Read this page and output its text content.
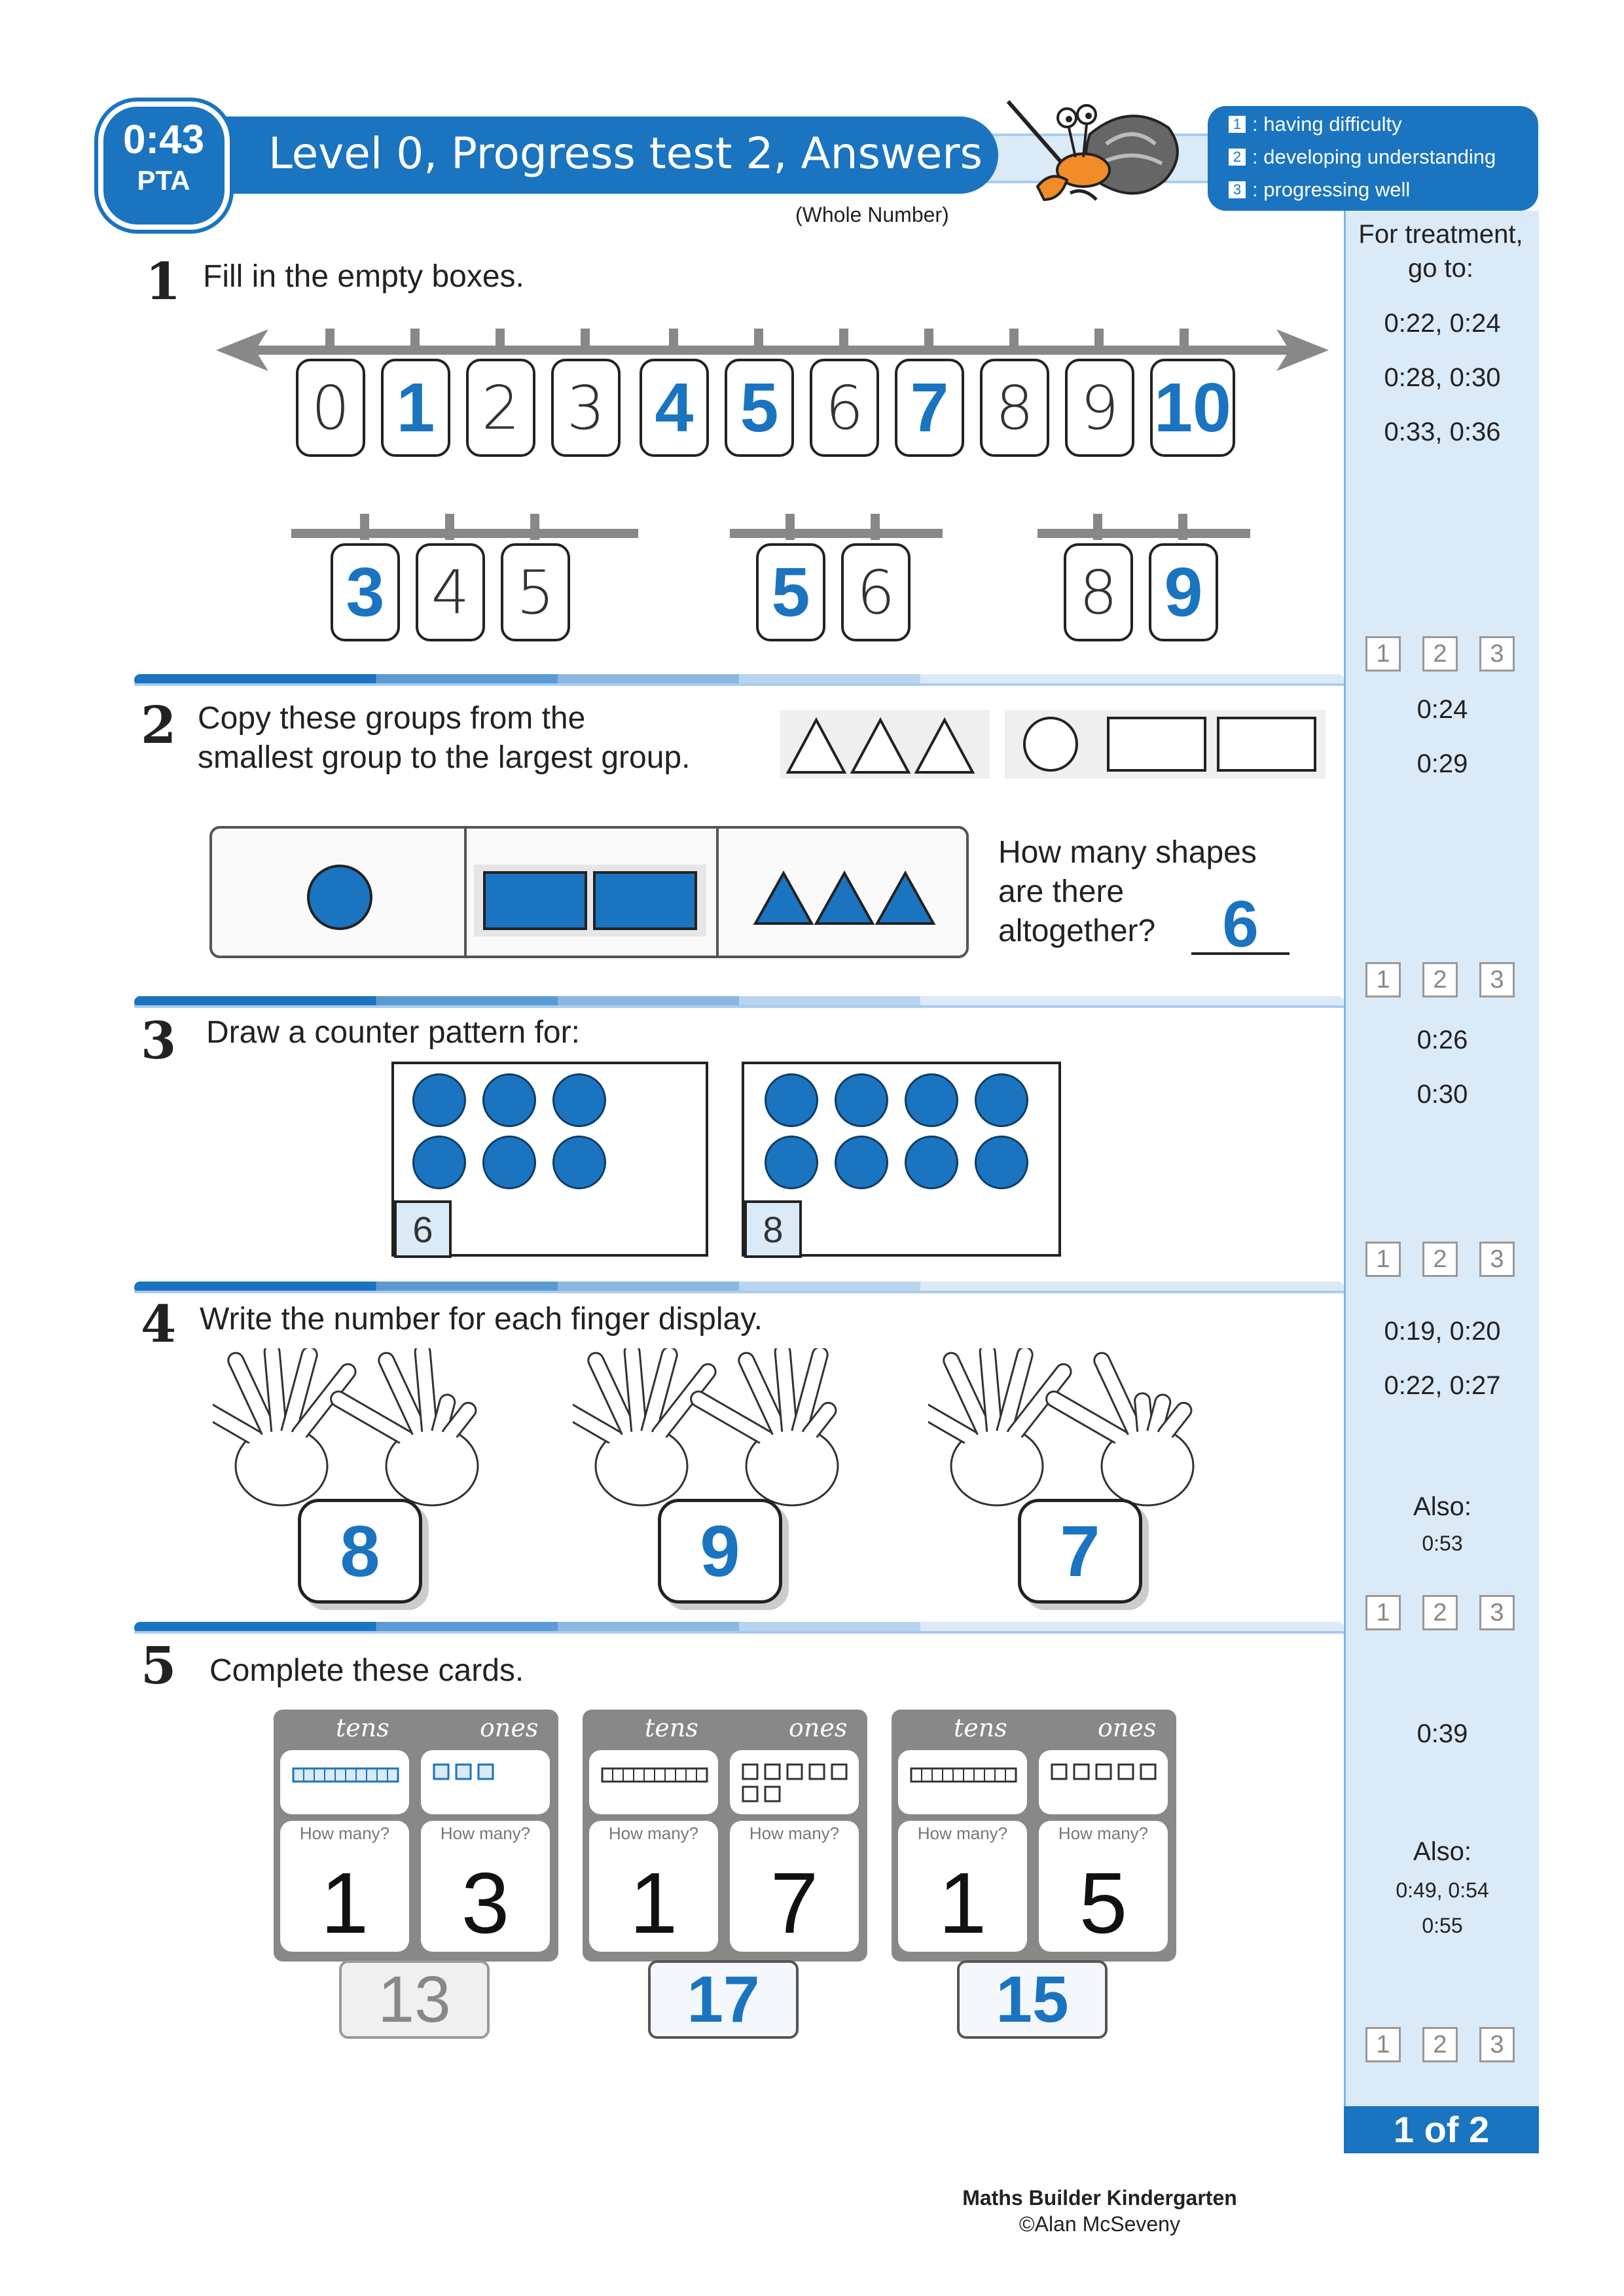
Level 0, Progress test 2, Answers
0:43
PTA
(Whole Number)
1 : having difficulty
2 : developing understanding
3 : progressing well
For treatment, go to:
0:22, 0:24
0:28, 0:30
0:33, 0:36
1	2	3
0:24
0:29
1	2	3
0:26
0:30
1	2	3
0:19, 0:20
0:22, 0:27
Also:
0:53
1	2	3
0:39
Also:
0:49, 0:54
0:55
1	2	3
1 of 2
1 Fill in the empty boxes.
0 1 2 3 4 5 6 7 8 9 10
3 4 5	5 6	8 9
2 Copy these groups from the
smallest group to the largest group.
How many shapes
are there
altogether?	6
3 Draw a counter pattern for:
6	8
4 Write the number for each finger display.
8	9	7
5 Complete these cards.
tens	ones
How many?
1
How many?
3
13
tens	ones
How many?
1
How many?
7
17
tens	ones
How many?
1
How many?
5
15
Maths Builder Kindergarten
©Alan McSeveny
